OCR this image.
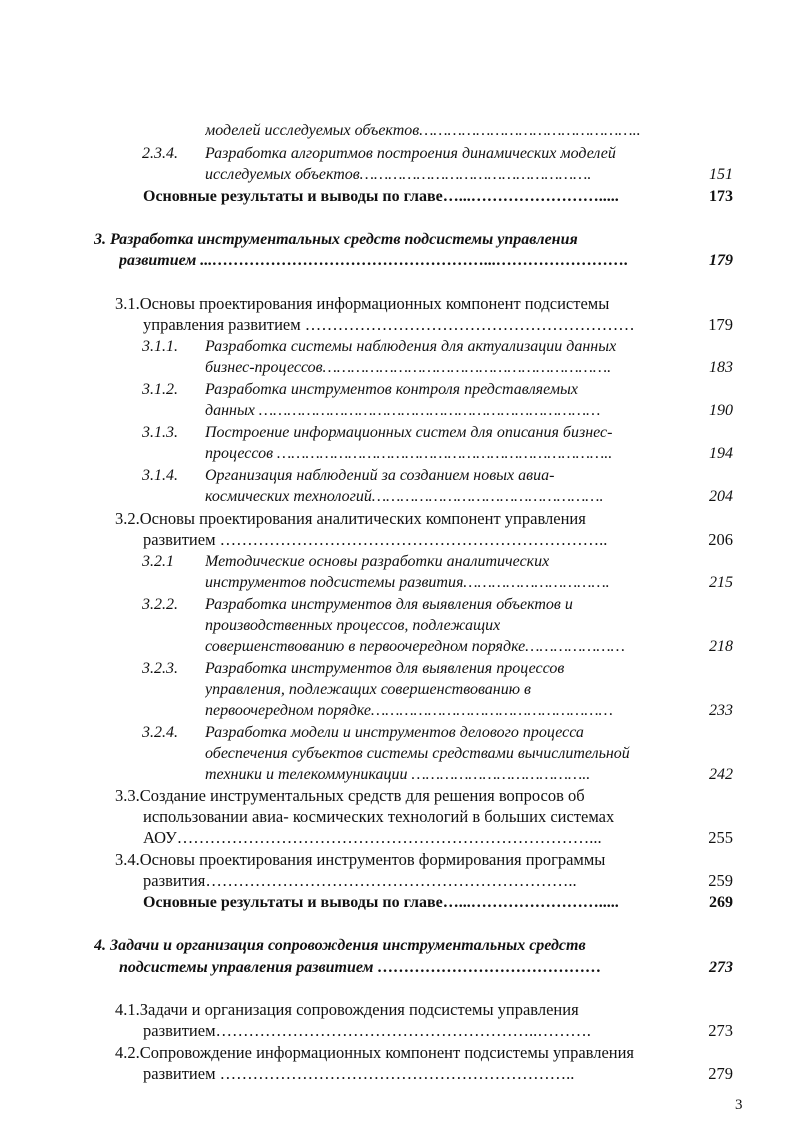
моделей исследуемых объектов………………………………………..
2.3.4. Разработка алгоритмов построения динамических моделей
исследуемых объектов………………………………………….	151
Основные результаты и выводы по главе…...…………………….....	173
3. Разработка инструментальных средств подсистемы управления
развитием ...……………………………………………...…………………….	179
3.1.Основы проектирования информационных компонент подсистемы
управления развитием ……………………………………………………	179
3.1.1. Разработка системы наблюдения для актуализации данных
бизнес-процессов…………………………………………………….	183
3.1.2. Разработка инструментов контроля представляемых
данных ………………………………………………………………	190
3.1.3. Построение информационных систем для описания бизнес-
процессов ……………………………………………………………..	194
3.1.4. Организация наблюдений за созданием новых авиа-
космических технологий………………………………………….	204
3.2.Основы проектирования аналитических компонент управления
развитием ……………………………………………………………..	206
3.2.1 Методические основы разработки аналитических
инструментов подсистемы развития………………………….	215
3.2.2. Разработка инструментов для выявления объектов и
производственных процессов, подлежащих
совершенствованию в первоочередном порядке…………………	218
3.2.3. Разработка инструментов для выявления процессов
управления, подлежащих совершенствованию в
первоочередном порядке……………………………………………	233
3.2.4. Разработка модели и инструментов делового процесса
обеспечения субъектов системы средствами вычислительной
техники и телекоммуникации ………………………………..	242
3.3.Создание инструментальных средств для решения вопросов об
использовании авиа- космических технологий в больших системах
АОУ…………………………………………………………………...	255
3.4.Основы проектирования инструментов формирования программы
развития…………………………………………………………..	259
Основные результаты и выводы по главе…...…………………….....	269
4. Задачи и организация сопровождения инструментальных средств
подсистемы управления развитием ……………………………………	273
4.1.Задачи и организация сопровождения подсистемы управления
развитием…………………………………………………..……….	273
4.2.Сопровождение информационных компонент подсистемы управления
развитием ………………………………………………………..	279
3
